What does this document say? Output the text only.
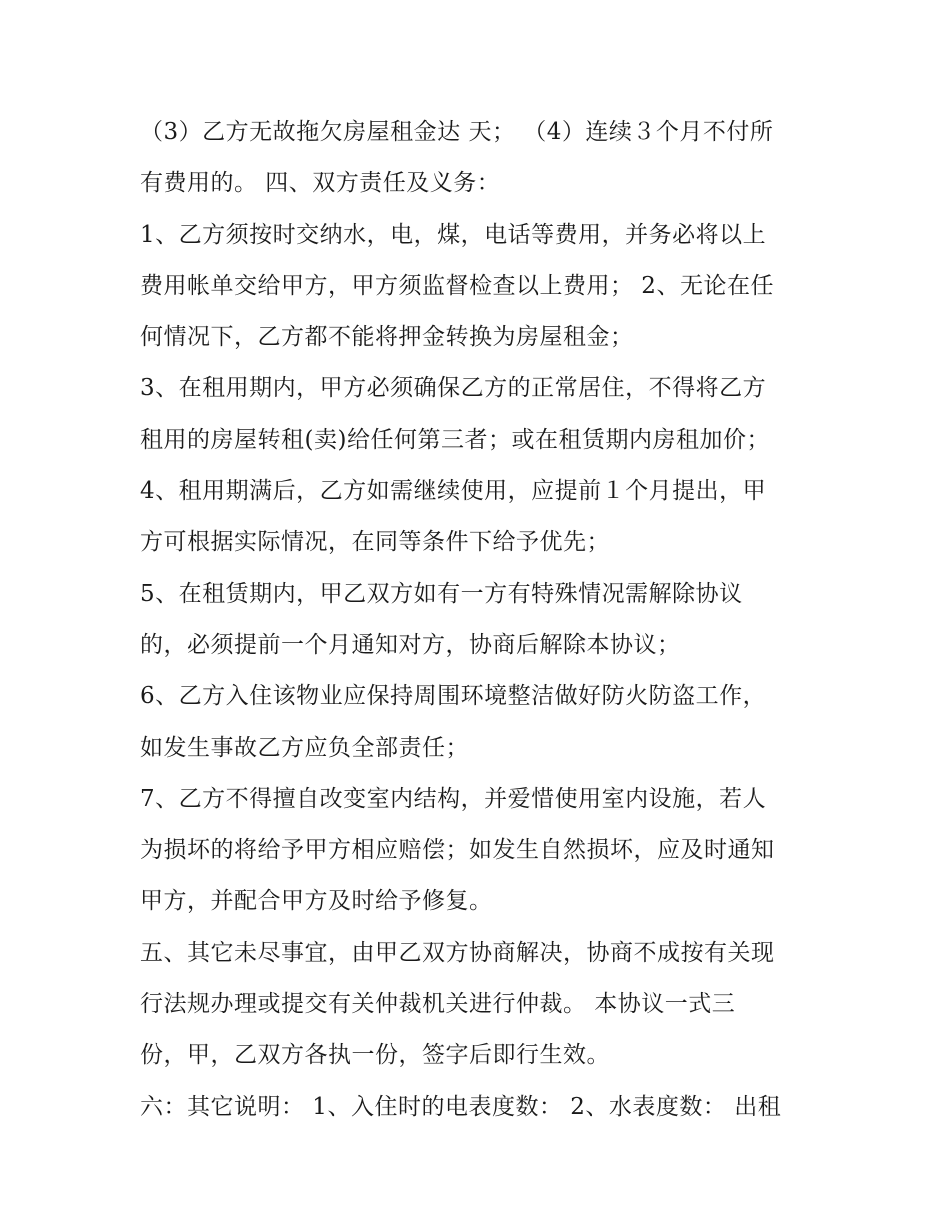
（3）乙方无故拖欠房屋租金达 天； （4）连续３个月不付所
有费用的。 四、双方责任及义务：
1、乙方须按时交纳水，电，煤，电话等费用，并务必将以上
费用帐单交给甲方，甲方须监督检查以上费用； 2、无论在任
何情况下，乙方都不能将押金转换为房屋租金；
3、在租用期内，甲方必须确保乙方的正常居住，不得将乙方
租用的房屋转租(卖)给任何第三者；或在租赁期内房租加价；
4、租用期满后，乙方如需继续使用，应提前１个月提出，甲
方可根据实际情况，在同等条件下给予优先；
5、在租赁期内，甲乙双方如有一方有特殊情况需解除协议
的，必须提前一个月通知对方，协商后解除本协议；
6、乙方入住该物业应保持周围环境整洁做好防火防盗工作，
如发生事故乙方应负全部责任；
7、乙方不得擅自改变室内结构，并爱惜使用室内设施，若人
为损坏的将给予甲方相应赔偿；如发生自然损坏，应及时通知
甲方，并配合甲方及时给予修复。
五、其它未尽事宜，由甲乙双方协商解决，协商不成按有关现
行法规办理或提交有关仲裁机关进行仲裁。 本协议一式三
份，甲，乙双方各执一份，签字后即行生效。
六：其它说明： 1、入住时的电表度数： 2、水表度数： 出租
